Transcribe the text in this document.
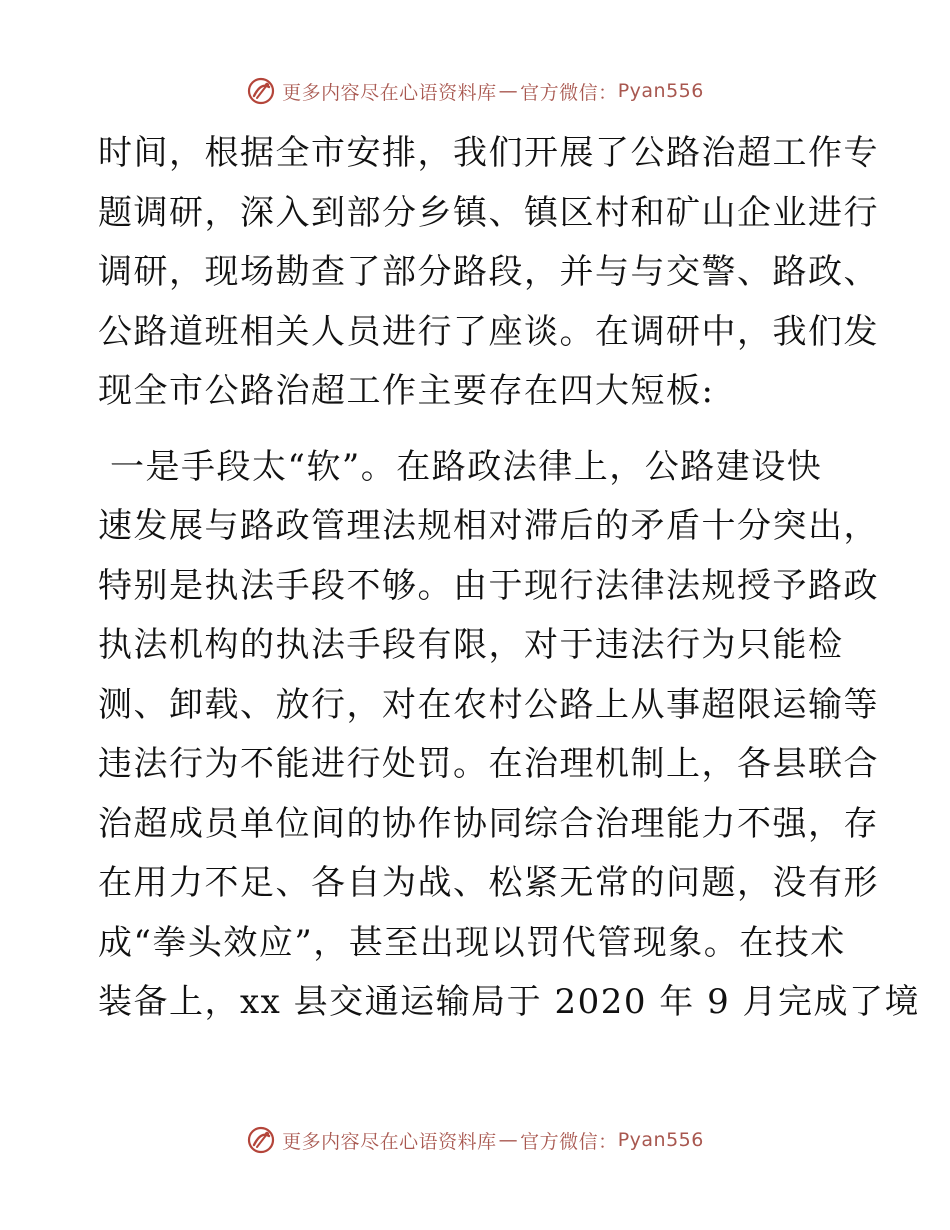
更多内容尽在心语资料库 — 官方微信： Pyan556
时间，根据全市安排，我们开展了公路治超工作专
题调研，深入到部分乡镇、镇区村和矿山企业进行
调研，现场勘查了部分路段，并与与交警、路政、
公路道班相关人员进行了座谈。在调研中，我们发
现全市公路治超工作主要存在四大短板:
一是手段太“软”。在路政法律上，公路建设快
速发展与路政管理法规相对滞后的矛盾十分突出，
特别是执法手段不够。由于现行法律法规授予路政
执法机构的执法手段有限，对于违法行为只能检
测、卸载、放行，对在农村公路上从事超限运输等
违法行为不能进行处罚。在治理机制上，各县联合
治超成员单位间的协作协同综合治理能力不强，存
在用力不足、各自为战、松紧无常的问题，没有形
成“拳头效应”，甚至出现以罚代管现象。在技术
装备上，xx 县交通运输局于 2020 年 9 月完成了境
更多内容尽在心语资料库 — 官方微信： Pyan556
